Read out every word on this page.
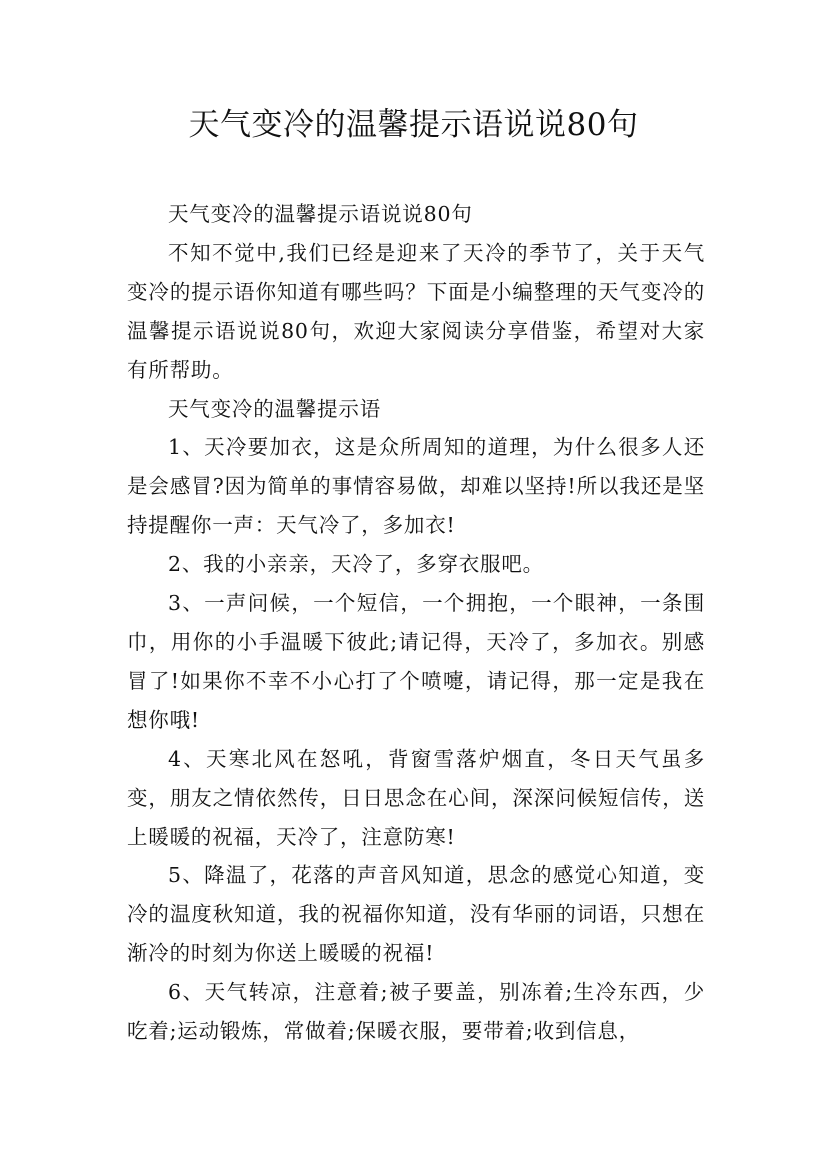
天气变冷的温馨提示语说说80句

天气变冷的温馨提示语说说80句

不知不觉中,我们已经是迎来了天冷的季节了，关于天气变冷的提示语你知道有哪些吗？下面是小编整理的天气变冷的温馨提示语说说80句，欢迎大家阅读分享借鉴，希望对大家有所帮助。

天气变冷的温馨提示语

1、天冷要加衣，这是众所周知的道理，为什么很多人还是会感冒?因为简单的事情容易做，却难以坚持!所以我还是坚持提醒你一声：天气冷了，多加衣!

2、我的小亲亲，天冷了，多穿衣服吧。

3、一声问候，一个短信，一个拥抱，一个眼神，一条围巾，用你的小手温暖下彼此;请记得，天冷了，多加衣。别感冒了!如果你不幸不小心打了个喷嚏，请记得，那一定是我在想你哦!

4、天寒北风在怒吼，背窗雪落炉烟直，冬日天气虽多变，朋友之情依然传，日日思念在心间，深深问候短信传，送上暖暖的祝福，天冷了，注意防寒!

5、降温了，花落的声音风知道，思念的感觉心知道，变冷的温度秋知道，我的祝福你知道，没有华丽的词语，只想在渐冷的时刻为你送上暖暖的祝福!

6、天气转凉，注意着;被子要盖，别冻着;生冷东西，少吃着;运动锻炼，常做着;保暖衣服，要带着;收到信息，
